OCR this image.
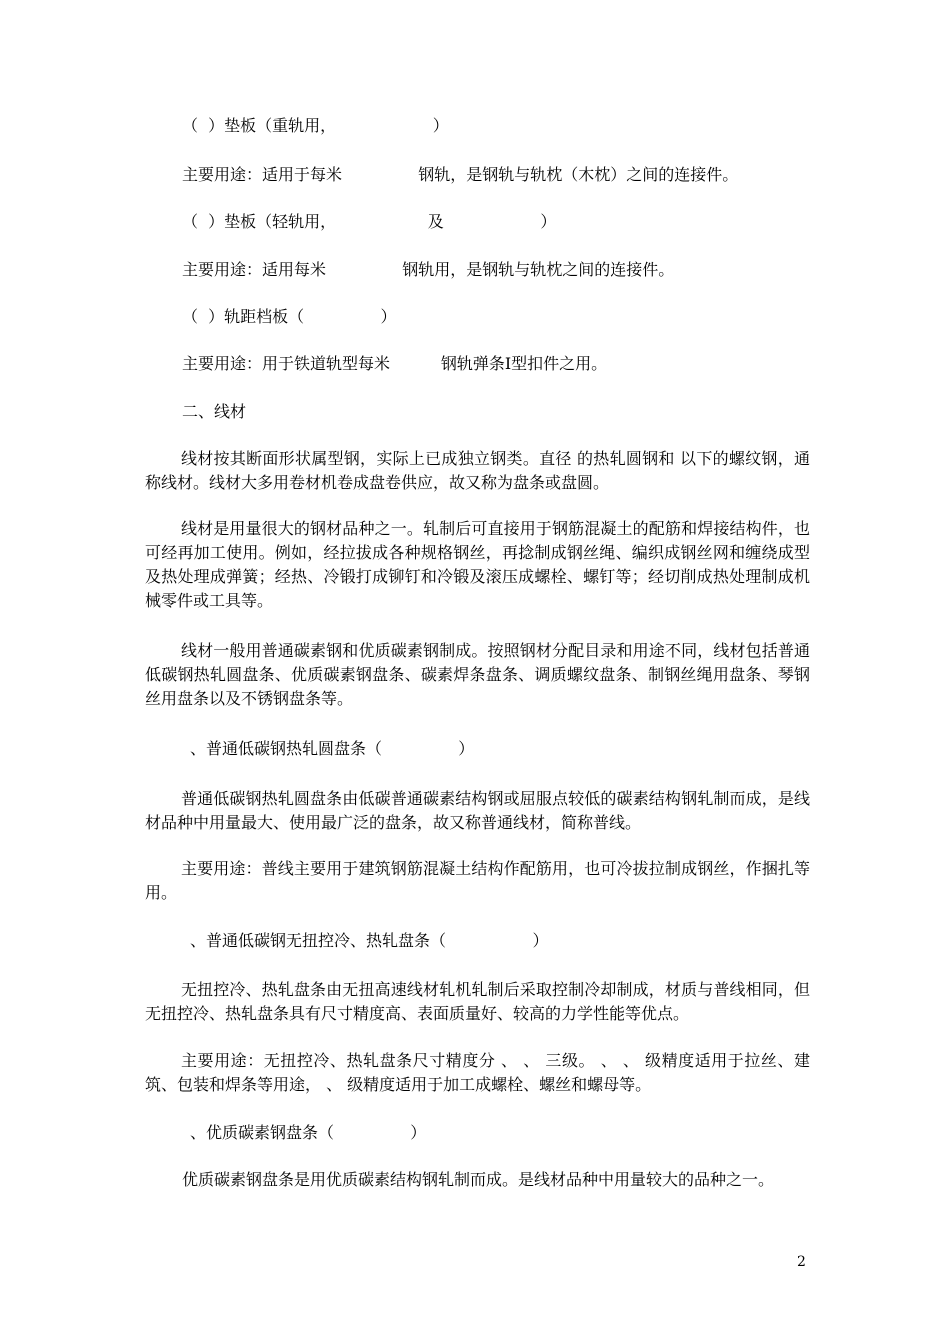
（  ）垫板（重轨用，                   ）

主要用途：适用于每米               钢轨，是钢轨与轨枕（木枕）之间的连接件。

（  ）垫板（轻轨用，                  及                   ）

主要用途：适用每米               钢轨用，是钢轨与轨枕之间的连接件。

（  ）轨距档板（               ）

主要用途：用于铁道轨型每米          钢轨弹条Ⅰ型扣件之用。

二、线材

线材按其断面形状属型钢，实际上已成独立钢类。直径 的热轧圆钢和 以下的螺纹钢，通称线材。线材大多用卷材机卷成盘卷供应，故又称为盘条或盘圆。

线材是用量很大的钢材品种之一。轧制后可直接用于钢筋混凝土的配筋和焊接结构件，也可经再加工使用。例如，经拉拔成各种规格钢丝，再捻制成钢丝绳、编织成钢丝网和缠绕成型及热处理成弹簧；经热、冷锻打成铆钉和冷锻及滚压成螺栓、螺钉等；经切削成热处理制成机械零件或工具等。

线材一般用普通碳素钢和优质碳素钢制成。按照钢材分配目录和用途不同，线材包括普通低碳钢热轧圆盘条、优质碳素钢盘条、碳素焊条盘条、调质螺纹盘条、制钢丝绳用盘条、琴钢丝用盘条以及不锈钢盘条等。

、普通低碳钢热轧圆盘条（               ）

普通低碳钢热轧圆盘条由低碳普通碳素结构钢或屈服点较低的碳素结构钢轧制而成，是线材品种中用量最大、使用最广泛的盘条，故又称普通线材，简称普线。

主要用途：普线主要用于建筑钢筋混凝土结构作配筋用，也可冷拔拉制成钢丝，作捆扎等用。

、普通低碳钢无扭控冷、热轧盘条（                 ）

无扭控冷、热轧盘条由无扭高速线材轧机轧制后采取控制冷却制成，材质与普线相同，但无扭控冷、热轧盘条具有尺寸精度高、表面质量好、较高的力学性能等优点。

主要用途：无扭控冷、热轧盘条尺寸精度分 、 、 三级。 、 、 级精度适用于拉丝、建筑、包装和焊条等用途， 、 级精度适用于加工成螺栓、螺丝和螺母等。

、优质碳素钢盘条（               ）

优质碳素钢盘条是用优质碳素结构钢轧制而成。是线材品种中用量较大的品种之一。

2
